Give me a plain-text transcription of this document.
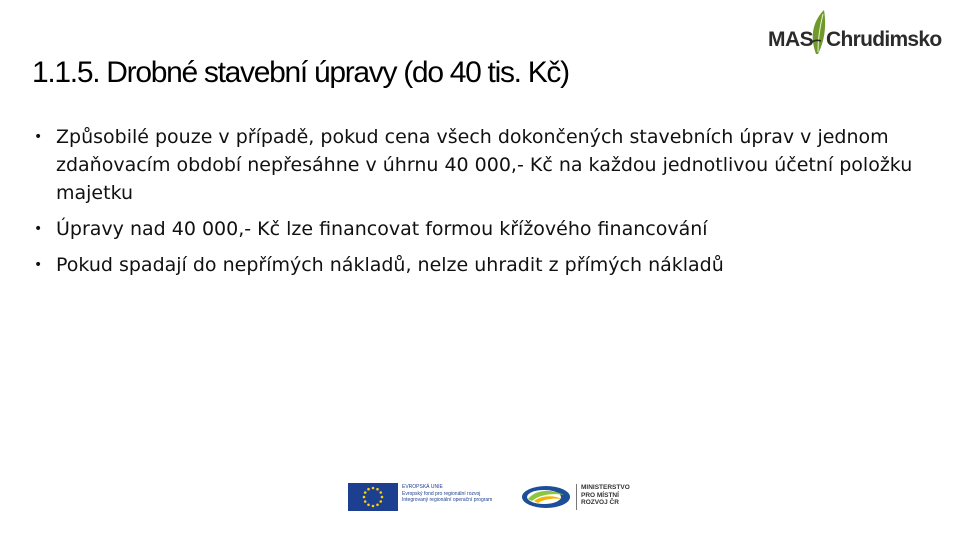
MAS Chrudimsko
1.1.5. Drobné stavební úpravy (do 40 tis. Kč)
• Způsobilé pouze v případě, pokud cena všech dokončených stavebních úprav v jednom zdaňovacím období nepřesáhne v úhrnu 40 000,- Kč na každou jednotlivou účetní položku majetku
• Úpravy nad 40 000,- Kč lze financovat formou křížového financování
• Pokud spadají do nepřímých nákladů, nelze uhradit z přímých nákladů
EVROPSKÁ UNIE
Evropský fond pro regionální rozvoj
Integrovaný regionální operační program
MINISTERSTVO
PRO MÍSTNÍ
ROZVOJ ČR
